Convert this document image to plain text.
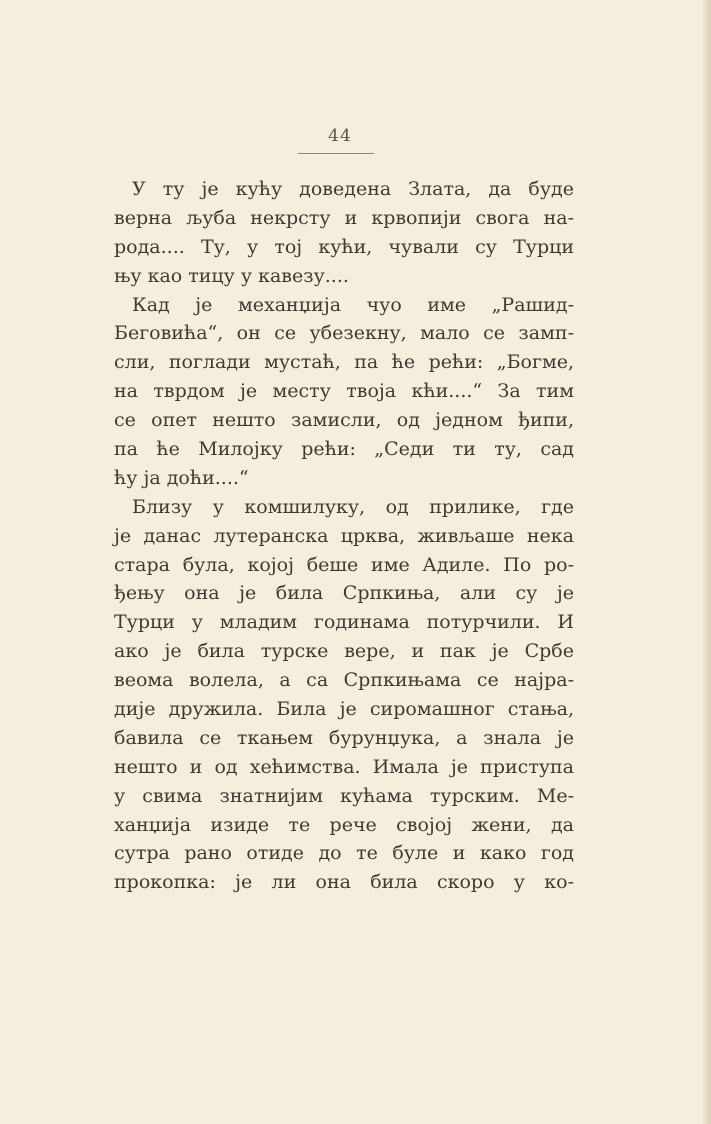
44
У ту је кућу доведена Злата, да буде
верна љуба некрсту и крвопији свога на-
рода.... Ту, у тој кући, чували су Турци
њу као тицу у кавезу....
Кад је механџија чуо име „Рашид-
Беговића“, он се убезекну, мало се замп-
сли, поглади мустаћ, па ће рећи: „Богме,
на тврдом је месту твоја кћи....“ За тим
се опет нешто замисли, од једном ђипи,
па ће Милојку рећи: „Седи ти ту, сад
ћу ја доћи....“
Близу у комшилуку, од прилике, где
је данас лутеранска црква, живљаше нека
стара була, којој беше име Адиле. По ро-
ђењу она је била Српкиња, али су је
Турци у младим годинама потурчили. И
ако је била турске вере, и пак је Србе
веома волела, а са Српкињама се најра-
дије дружила. Била је сиромашног стања,
бавила се ткањем бурунџука, а знала је
нешто и од хећимства. Имала је приступа
у свима знатнијим кућама турским. Ме-
ханџија изиде те рече својој жени, да
сутра рано отиде до те буле и како год
прокопка: је ли она била скоро у ко-
